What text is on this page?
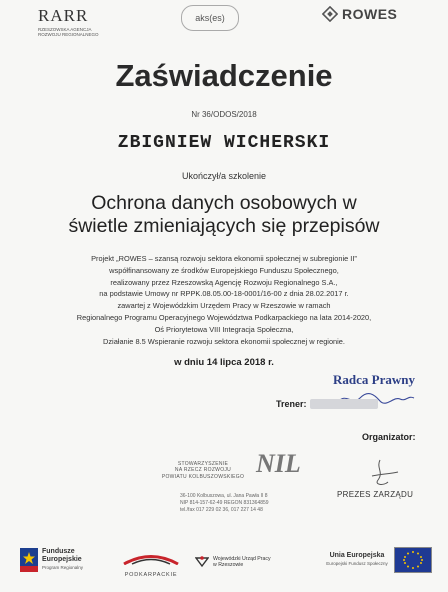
RARR
RZESZOWSKA AGENCJA ROZWOJU REGIONALNEGO
aks(es)	ROWES
Zaświadczenie
Nr 36/ODOS/2018
ZBIGNIEW WICHERSKI
Ukończył/a szkolenie
Ochrona danych osobowych w
świetle zmieniających się przepisów
Projekt „ROWES – szansą rozwoju sektora ekonomii społecznej w subregionie II”
współfinansowany ze środków Europejskiego Funduszu Społecznego,
realizowany przez Rzeszowską Agencję Rozwoju Regionalnego S.A.,
na podstawie Umowy nr RPPK.08.05.00-18-0001/16-00 z dnia 28.02.2017 r.
zawartej z Wojewódzkim Urzędem Pracy w Rzeszowie w ramach
Regionalnego Programu Operacyjnego Województwa Podkarpackiego na lata 2014-2020,
Oś Priorytetowa VIII Integracja Społeczna,
Działanie 8.5 Wspieranie rozwoju sektora ekonomii społecznej w regionie.
w dniu 14 lipca 2018 r.
Radca Prawny
Trener:
Organizator:
STOWARZYSZENIE
NA RZECZ ROZWOJU
POWIATU KOLBUSZOWSKIEGO NIL
36-100 Kolbuszowa, ul. Jana Pawła II 8
NIP 814-157-62-49 REGON 831364859
tel./fax 017 229 02 36, 017 227 14 48
PREZES ZARZĄDU
Fundusze
Europejskie
Program Regionalny
PODKARPACKIE
Wojewódzki Urząd Pracy
w Rzeszowie
Unia Europejska
Europejski Fundusz Społeczny
